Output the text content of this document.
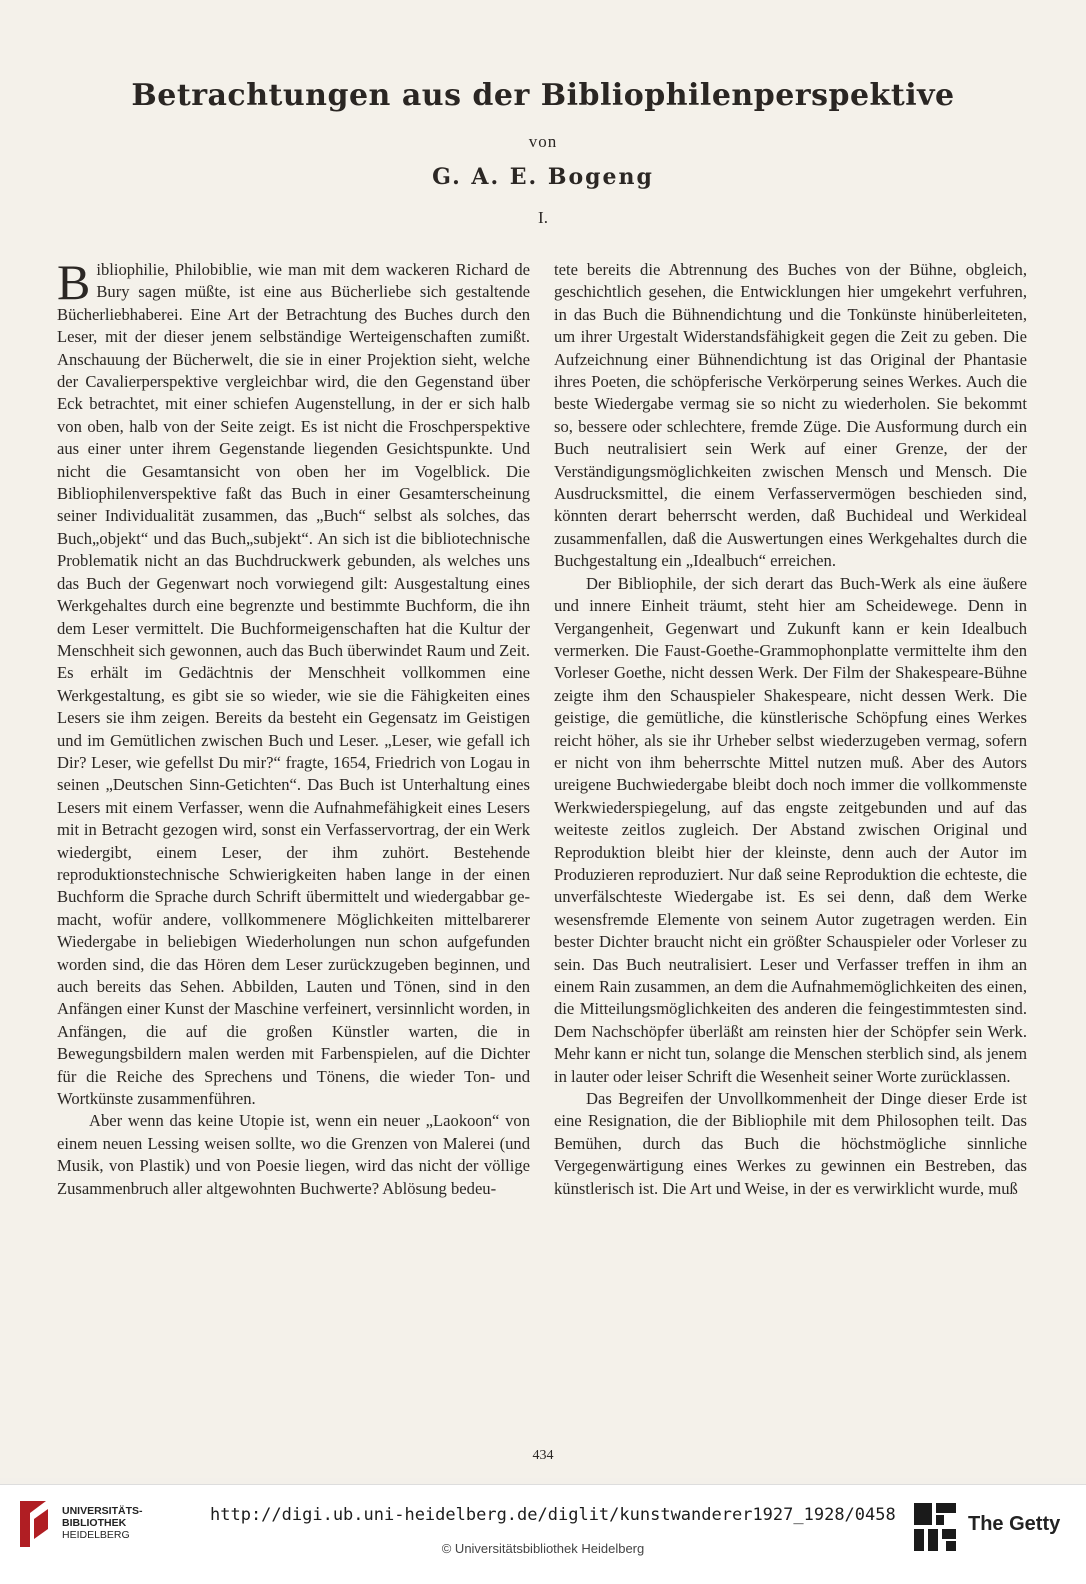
Betrachtungen aus der Bibliophilenperspektive
von
G. A. E. Bogeng
I.

Bibliophilie, Philobiblie, wie man mit dem wackeren Richard de Bury sagen müßte, ist eine aus Bücherliebe sich gestaltende Bücherliebhaberei. Eine Art der Betrachtung des Buches durch den Leser, mit der dieser jenem selbständige Werteigenschaften zumißt. Anschauung der Bücherwelt, die sie in einer Projektion sieht, welche der Cavalierperspektive vergleichbar wird, die den Gegenstand über Eck betrachtet, mit einer schiefen Augenstellung, in der er sich halb von oben, halb von der Seite zeigt. Es ist nicht die Froschperspektive aus einer unter ihrem Gegenstande liegenden Gesichtspunkte. Und nicht die Gesamtansicht von oben her im Vogelblick. Die Bibliophilenverspektive faßt das Buch in einer Gesamterscheinung seiner Individualität zusammen, das „Buch“ selbst als solches, das Buch„objekt“ und das Buch„subjekt“. An sich ist die bibliotechnische Problematik nicht an das Buchdruckwerk gebunden, als welches uns das Buch der Gegenwart noch vorwiegend gilt: Ausgestaltung eines Werkgehaltes durch eine begrenzte und bestimmte Buchform, die ihn dem Leser vermittelt. Die Buchformeigenschaften hat die Kultur der Menschheit sich gewonnen, auch das Buch überwindet Raum und Zeit. Es erhält im Gedächtnis der Menschheit vollkommen eine Werkgestaltung, es gibt sie so wieder, wie sie die Fähigkeiten eines Lesers sie ihm zeigen. Bereits da besteht ein Gegensatz im Geistigen und im Gemütlichen zwischen Buch und Leser. „Leser, wie gefall ich Dir? Leser, wie gefellst Du mir?“ fragte, 1654, Friedrich von Logau in seinen „Deutschen Sinn-Getichten“. Das Buch ist Unterhaltung eines Lesers mit einem Verfasser, wenn die Aufnahmefähigkeit eines Lesers mit in Betracht gezogen wird, sonst ein Verfasservortrag, der ein Werk wiedergibt, einem Leser, der ihm zuhört. Bestehende reproduktionstechnische Schwierigkeiten haben lange in der einen Buchform die Sprache durch Schrift übermittelt und wiedergabbar gemacht, wofür andere, vollkommenere Möglichkeiten mittelbarerer Wiedergabe in beliebigen Wiederholungen nun schon aufgefunden worden sind, die das Hören dem Leser zurückzugeben beginnen, und auch bereits das Sehen. Abbilden, Lauten und Tönen, sind in den Anfängen einer Kunst der Maschine verfeinert, versinnlicht worden, in Anfängen, die auf die großen Künstler warten, die in Bewegungsbildern malen werden mit Farbenspielen, auf die Dichter für die Reiche des Sprechens und Tönens, die wieder Ton- und Wortkünste zusammenführen.

Aber wenn das keine Utopie ist, wenn ein neuer „Laokoon“ von einem neuen Lessing weisen sollte, wo die Grenzen von Malerei (und Musik, von Plastik) und von Poesie liegen, wird das nicht der völlige Zusammenbruch aller altgewohnten Buchwerte? Ablösung bedeu-

tete bereits die Abtrennung des Buches von der Bühne, obgleich, geschichtlich gesehen, die Entwicklungen hier umgekehrt verfuhren, in das Buch die Bühnendichtung und die Tonkünste hinüberleiteten, um ihrer Urgestalt Widerstandsfähigkeit gegen die Zeit zu geben. Die Aufzeichnung einer Bühnendichtung ist das Original der Phantasie ihres Poeten, die schöpferische Verkörperung seines Werkes. Auch die beste Wiedergabe vermag sie so nicht zu wiederholen. Sie bekommt so, bessere oder schlechtere, fremde Züge. Die Ausformung durch ein Buch neutralisiert sein Werk auf einer Grenze, der der Verständigungsmöglichkeiten zwischen Mensch und Mensch. Die Ausdrucksmittel, die einem Verfasservermögen beschieden sind, könnten derart beherrscht werden, daß Buchideal und Werkideal zusammenfallen, daß die Auswertungen eines Werkgehaltes durch die Buchgestaltung ein „Idealbuch“ erreichen.

Der Bibliophile, der sich derart das Buch-Werk als eine äußere und innere Einheit träumt, steht hier am Scheidewege. Denn in Vergangenheit, Gegenwart und Zukunft kann er kein Idealbuch vermerken. Die Faust-Goethe-Grammophonplatte vermittelte ihm den Vorleser Goethe, nicht dessen Werk. Der Film der Shakespeare-Bühne zeigte ihm den Schauspieler Shakespeare, nicht dessen Werk. Die geistige, die gemütliche, die künstlerische Schöpfung eines Werkes reicht höher, als sie ihr Urheber selbst wiederzugeben vermag, sofern er nicht von ihm beherrschte Mittel nutzen muß. Aber des Autors ureigene Buchwiedergabe bleibt doch noch immer die vollkommenste Werkwiederspiegelung, auf das engste zeitgebunden und auf das weiteste zeitlos zugleich. Der Abstand zwischen Original und Reproduktion bleibt hier der kleinste, denn auch der Autor im Produzieren reproduziert. Nur daß seine Reproduktion die echteste, die unverfälschteste Wiedergabe ist. Es sei denn, daß dem Werke wesensfremde Elemente von seinem Autor zugetragen werden. Ein bester Dichter braucht nicht ein größter Schauspieler oder Vorleser zu sein. Das Buch neutralisiert. Leser und Verfasser treffen in ihm an einem Rain zusammen, an dem die Aufnahmemöglichkeiten des einen, die Mitteilungsmöglichkeiten des anderen die feingestimmtesten sind. Dem Nachschöpfer überläßt am reinsten hier der Schöpfer sein Werk. Mehr kann er nicht tun, solange die Menschen sterblich sind, als jenem in lauter oder leiser Schrift die Wesenheit seiner Worte zurücklassen.

Das Begreifen der Unvollkommenheit der Dinge dieser Erde ist eine Resignation, die der Bibliophile mit dem Philosophen teilt. Das Bemühen, durch das Buch die höchstmögliche sinnliche Vergegenwärtigung eines Werkes zu gewinnen ein Bestreben, das künstlerisch ist. Die Art und Weise, in der es verwirklicht wurde, muß

434
UNIVERSITÄTS-
BIBLIOTHEK
HEIDELBERG
http://digi.ub.uni-heidelberg.de/diglit/kunstwanderer1927_1928/0458
© Universitätsbibliothek Heidelberg
The Getty
